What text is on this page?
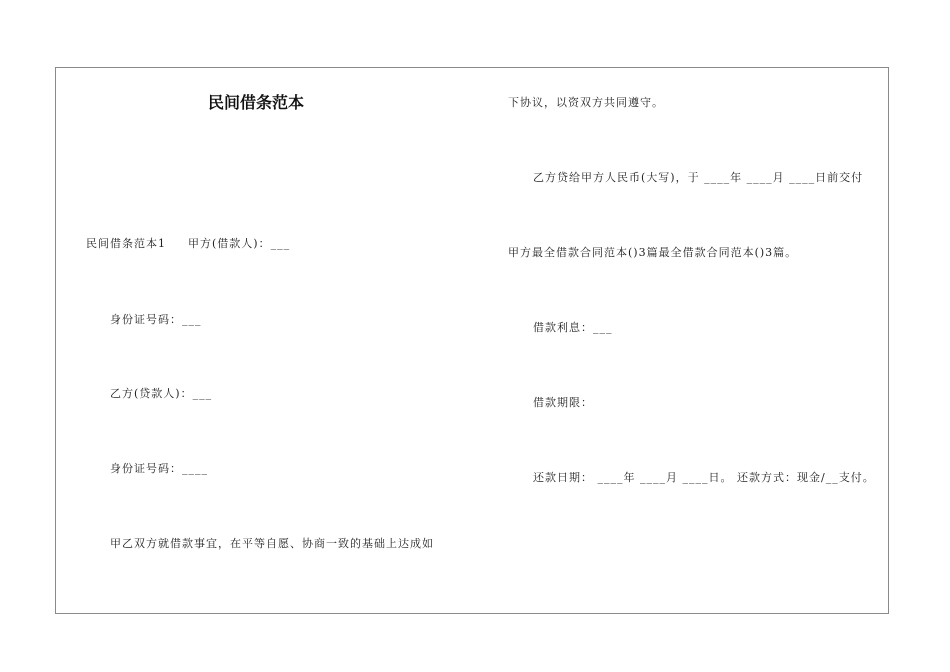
民间借条范本
民间借条范本1 甲方(借款人)：___
身份证号码：___
乙方(贷款人)：___
身份证号码：____
甲乙双方就借款事宜，在平等自愿、协商一致的基础上达成如
下协议，以资双方共同遵守。
乙方贷给甲方人民币(大写)，于 ____年 ____月 ____日前交付
甲方最全借款合同范本()3篇最全借款合同范本()3篇。
借款利息：___
借款期限：
还款日期： ____年 ____月 ____日。 还款方式：现金/__支付。
